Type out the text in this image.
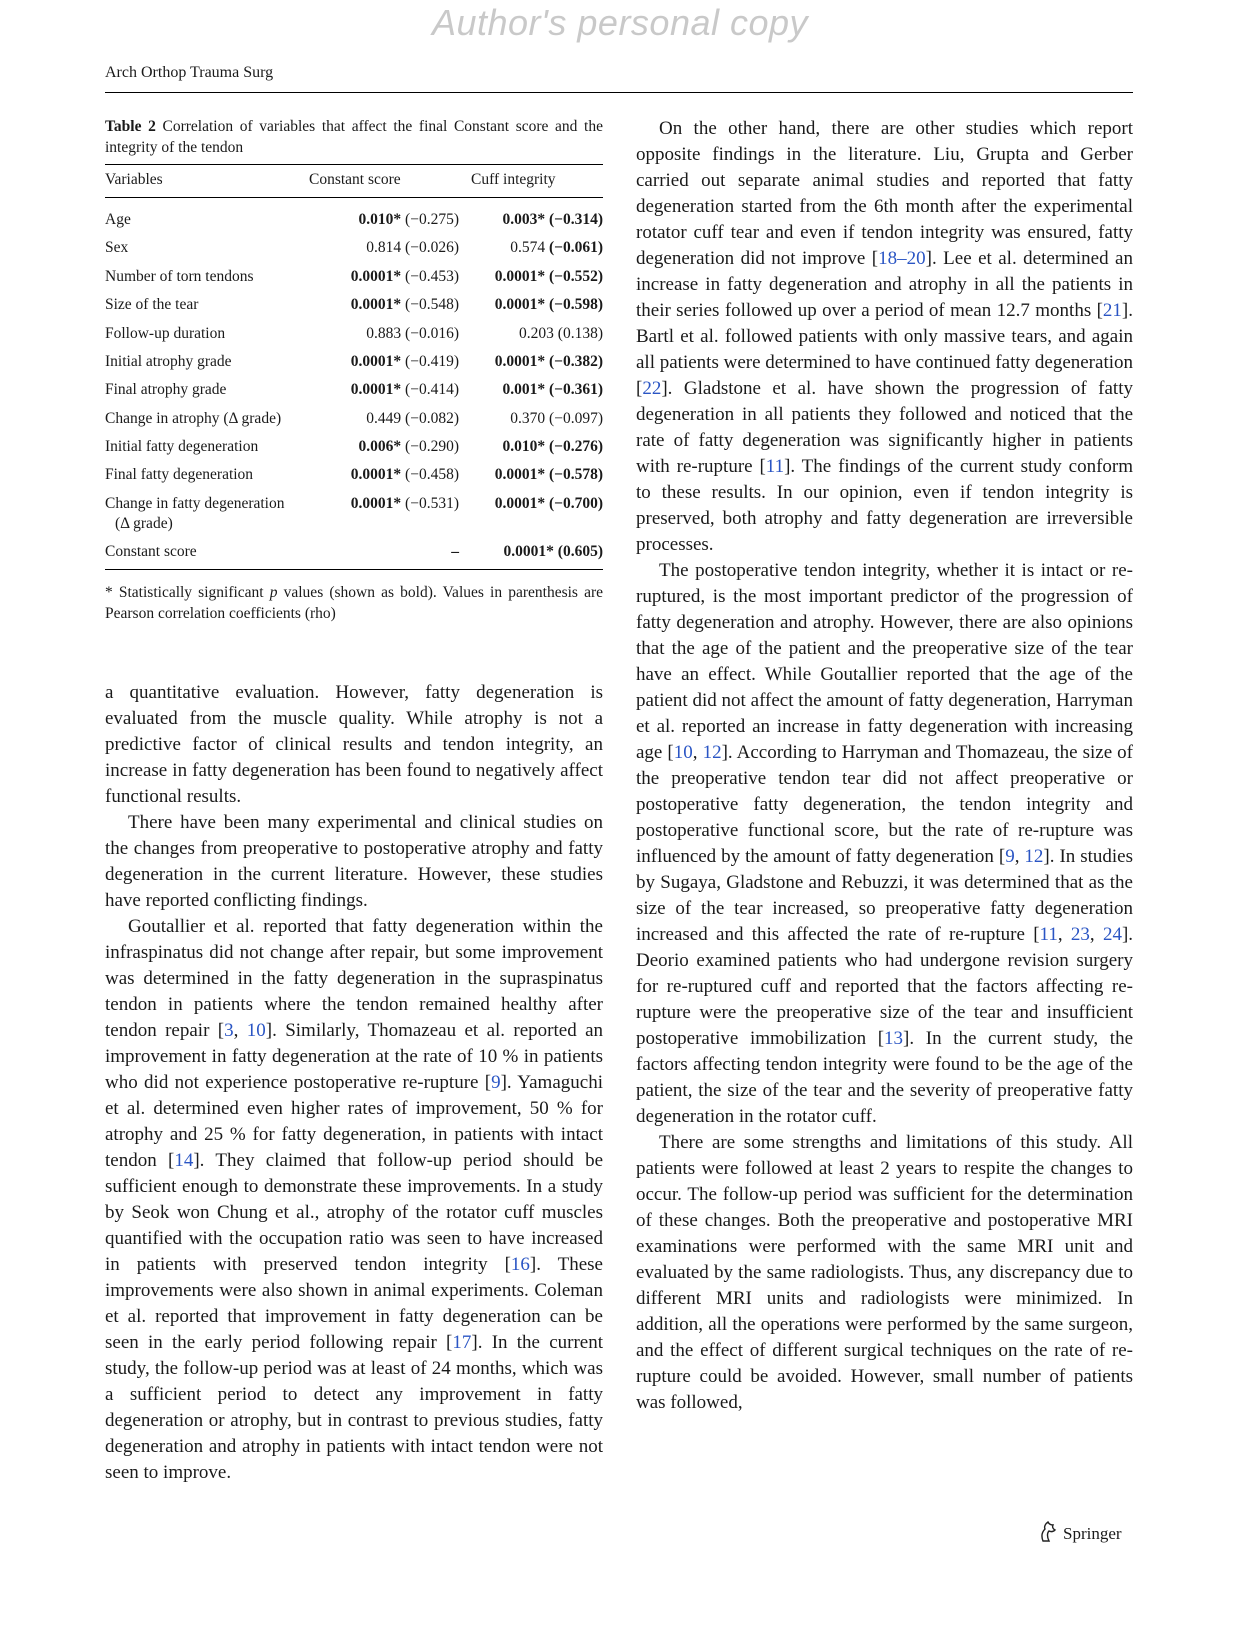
Author's personal copy
Arch Orthop Trauma Surg
Table 2 Correlation of variables that affect the final Constant score and the integrity of the tendon
Variables	Constant score	Cuff integrity
Age	0.010* (−0.275)	0.003* (−0.314)
Sex	0.814 (−0.026)	0.574 (−0.061)
Number of torn tendons	0.0001* (−0.453)	0.0001* (−0.552)
Size of the tear	0.0001* (−0.548)	0.0001* (−0.598)
Follow-up duration	0.883 (−0.016)	0.203 (0.138)
Initial atrophy grade	0.0001* (−0.419)	0.0001* (−0.382)
Final atrophy grade	0.0001* (−0.414)	0.001* (−0.361)
Change in atrophy (Δ grade)	0.449 (−0.082)	0.370 (−0.097)
Initial fatty degeneration	0.006* (−0.290)	0.010* (−0.276)
Final fatty degeneration	0.0001* (−0.458)	0.0001* (−0.578)
Change in fatty degeneration
(Δ grade)	0.0001* (−0.531)	0.0001* (−0.700)
Constant score	–	0.0001* (0.605)
* Statistically significant p values (shown as bold). Values in parenthesis are Pearson correlation coefficients (rho)

a quantitative evaluation. However, fatty degeneration is evaluated from the muscle quality. While atrophy is not a predictive factor of clinical results and tendon integrity, an increase in fatty degeneration has been found to negatively affect functional results.

There have been many experimental and clinical studies on the changes from preoperative to postoperative atrophy and fatty degeneration in the current literature. However, these studies have reported conflicting findings.

Goutallier et al. reported that fatty degeneration within the infraspinatus did not change after repair, but some improvement was determined in the fatty degeneration in the supraspinatus tendon in patients where the tendon remained healthy after tendon repair [3, 10]. Similarly, Thomazeau et al. reported an improvement in fatty degeneration at the rate of 10 % in patients who did not experience postoperative re-rupture [9]. Yamaguchi et al. determined even higher rates of improvement, 50 % for atrophy and 25 % for fatty degeneration, in patients with intact tendon [14]. They claimed that follow-up period should be sufficient enough to demonstrate these improvements. In a study by Seok won Chung et al., atrophy of the rotator cuff muscles quantified with the occupation ratio was seen to have increased in patients with preserved tendon integrity [16]. These improvements were also shown in animal experiments. Coleman et al. reported that improvement in fatty degeneration can be seen in the early period following repair [17]. In the current study, the follow-up period was at least of 24 months, which was a sufficient period to detect any improvement in fatty degeneration or atrophy, but in contrast to previous studies, fatty degeneration and atrophy in patients with intact tendon were not seen to improve.

On the other hand, there are other studies which report opposite findings in the literature. Liu, Grupta and Gerber carried out separate animal studies and reported that fatty degeneration started from the 6th month after the experimental rotator cuff tear and even if tendon integrity was ensured, fatty degeneration did not improve [18–20]. Lee et al. determined an increase in fatty degeneration and atrophy in all the patients in their series followed up over a period of mean 12.7 months [21]. Bartl et al. followed patients with only massive tears, and again all patients were determined to have continued fatty degeneration [22]. Gladstone et al. have shown the progression of fatty degeneration in all patients they followed and noticed that the rate of fatty degeneration was significantly higher in patients with re-rupture [11]. The findings of the current study conform to these results. In our opinion, even if tendon integrity is preserved, both atrophy and fatty degeneration are irreversible processes.

The postoperative tendon integrity, whether it is intact or re-ruptured, is the most important predictor of the progression of fatty degeneration and atrophy. However, there are also opinions that the age of the patient and the preoperative size of the tear have an effect. While Goutallier reported that the age of the patient did not affect the amount of fatty degeneration, Harryman et al. reported an increase in fatty degeneration with increasing age [10, 12]. According to Harryman and Thomazeau, the size of the preoperative tendon tear did not affect preoperative or postoperative fatty degeneration, the tendon integrity and postoperative functional score, but the rate of re-rupture was influenced by the amount of fatty degeneration [9, 12]. In studies by Sugaya, Gladstone and Rebuzzi, it was determined that as the size of the tear increased, so preoperative fatty degeneration increased and this affected the rate of re-rupture [11, 23, 24]. Deorio examined patients who had undergone revision surgery for re-ruptured cuff and reported that the factors affecting re-rupture were the preoperative size of the tear and insufficient postoperative immobilization [13]. In the current study, the factors affecting tendon integrity were found to be the age of the patient, the size of the tear and the severity of preoperative fatty degeneration in the rotator cuff.

There are some strengths and limitations of this study. All patients were followed at least 2 years to respite the changes to occur. The follow-up period was sufficient for the determination of these changes. Both the preoperative and postoperative MRI examinations were performed with the same MRI unit and evaluated by the same radiologists. Thus, any discrepancy due to different MRI units and radiologists were minimized. In addition, all the operations were performed by the same surgeon, and the effect of different surgical techniques on the rate of re-rupture could be avoided. However, small number of patients was followed,

Springer
